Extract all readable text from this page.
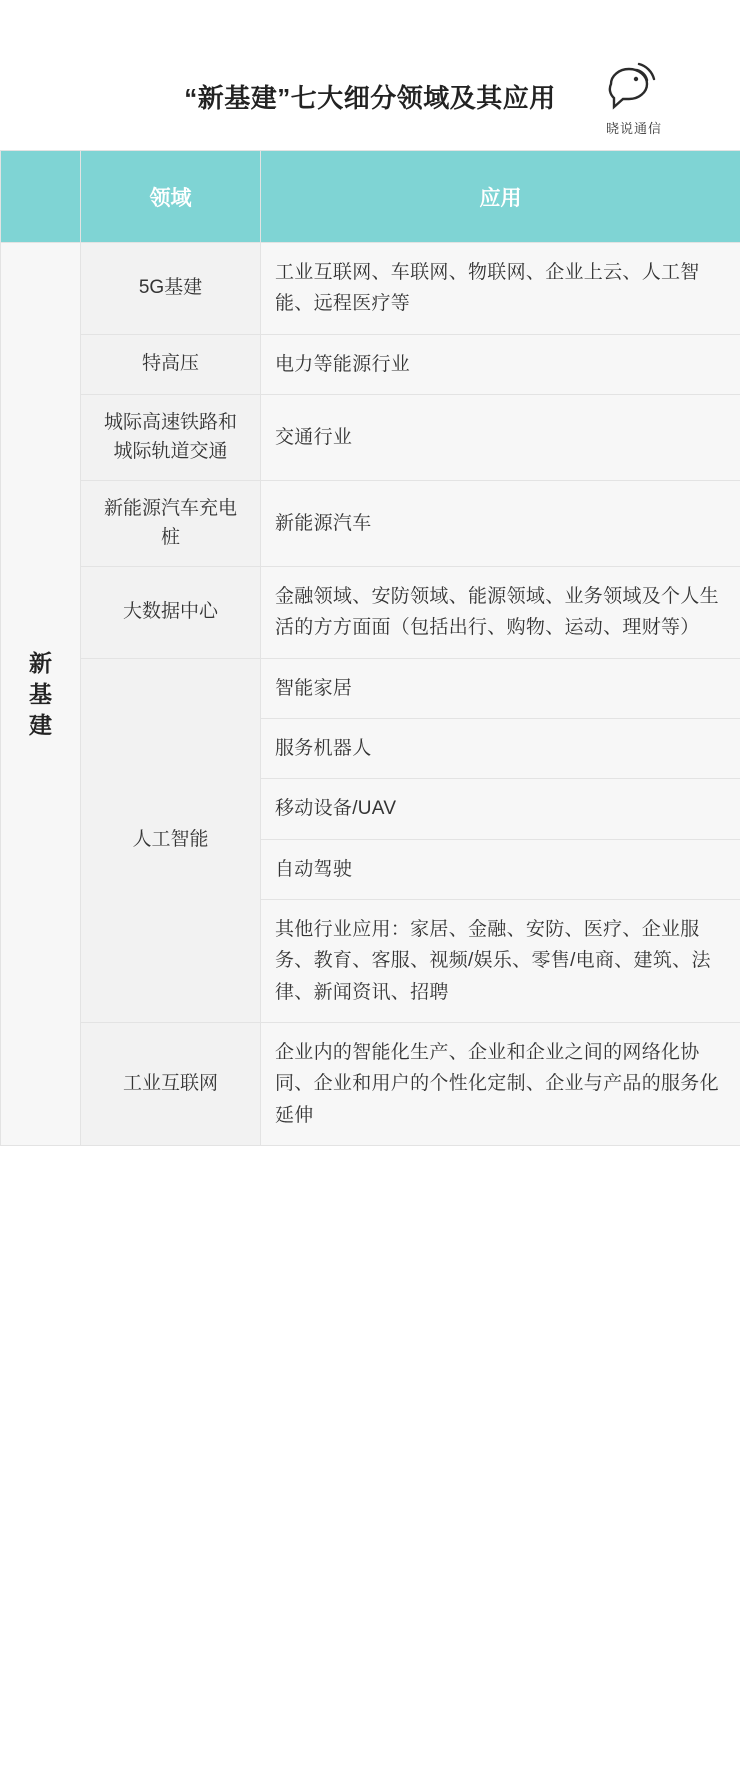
“新基建”七大细分领域及其应用
晓说通信
	领域	应用

新基建	5G基建	工业互联网、车联网、物联网、企业上云、人工智能、远程医疗等
	特高压	电力等能源行业
	城际高速铁路和城际轨道交通	交通行业
	新能源汽车充电桩	新能源汽车
	大数据中心	金融领域、安防领域、能源领域、业务领域及个人生活的方方面面（包括出行、购物、运动、理财等）
	人工智能	智能家居
		服务机器人
		移动设备/UAV
		自动驾驶
		其他行业应用：家居、金融、安防、医疗、企业服务、教育、客服、视频/娱乐、零售/电商、建筑、法律、新闻资讯、招聘
	工业互联网	企业内的智能化生产、企业和企业之间的网络化协同、企业和用户的个性化定制、企业与产品的服务化延伸
